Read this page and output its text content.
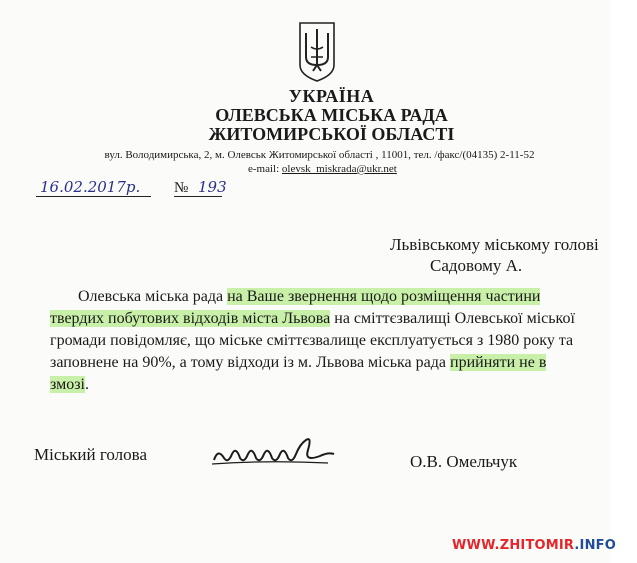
УКРАЇНА
ОЛЕВСЬКА МІСЬКА РАДА
ЖИТОМИРСЬКОЇ ОБЛАСТІ
вул. Володимирська, 2, м. Олевськ Житомирської області , 11001, тел. /факс/(04135) 2-11-52
e-mail: olevsk_miskrada@ukr.net
16.02.2017р. № 193
Львівському міському голові
Садовому А.
Олевська міська рада на Ваше звернення щодо розміщення частини
твердих побутових відходів міста Львова на сміттєзвалищі Олевської міської
громади повідомляє, що міське сміттєзвалище експлуатується з 1980 року та
заповнене на 90%, а тому відходи із м. Львова міська рада прийняти не в
змозі.
Міський голова	О.В. Омельчук
WWW.ZHITOMIR.INFO
